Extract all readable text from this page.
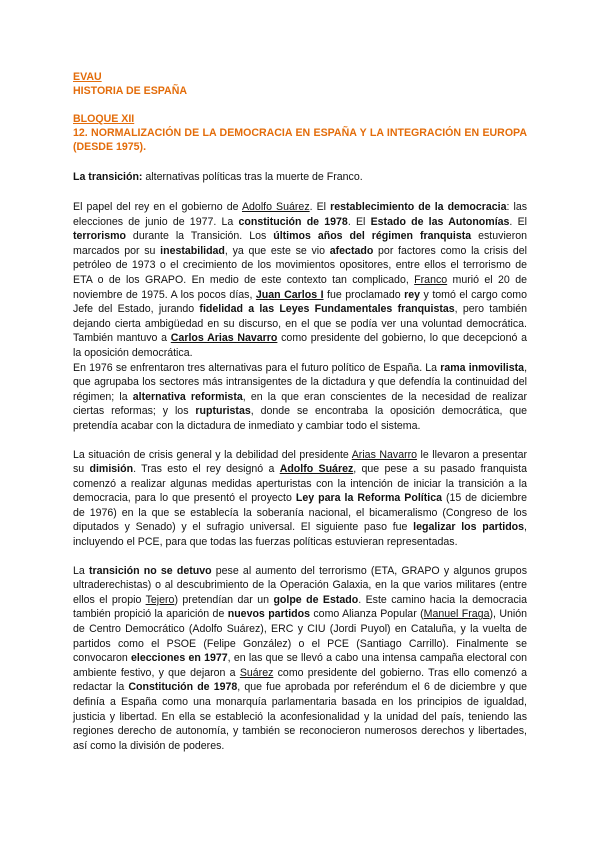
EVAU
HISTORIA DE ESPAÑA
BLOQUE XII
12. NORMALIZACIÓN DE LA DEMOCRACIA EN ESPAÑA Y LA INTEGRACIÓN EN EUROPA (DESDE 1975).
La transición: alternativas políticas tras la muerte de Franco.

El papel del rey en el gobierno de Adolfo Suárez. El restablecimiento de la democracia: las elecciones de junio de 1977. La constitución de 1978. El Estado de las Autonomías. El terrorismo durante la Transición. Los últimos años del régimen franquista estuvieron marcados por su inestabilidad, ya que este se vio afectado por factores como la crisis del petróleo de 1973 o el crecimiento de los movimientos opositores, entre ellos el terrorismo de ETA o de los GRAPO. En medio de este contexto tan complicado, Franco murió el 20 de noviembre de 1975. A los pocos días, Juan Carlos I fue proclamado rey y tomó el cargo como Jefe del Estado, jurando fidelidad a las Leyes Fundamentales franquistas, pero también dejando cierta ambigüedad en su discurso, en el que se podía ver una voluntad democrática. También mantuvo a Carlos Arias Navarro como presidente del gobierno, lo que decepcionó a la oposición democrática.

En 1976 se enfrentaron tres alternativas para el futuro político de España. La rama inmovilista, que agrupaba los sectores más intransigentes de la dictadura y que defendía la continuidad del régimen; la alternativa reformista, en la que eran conscientes de la necesidad de realizar ciertas reformas; y los rupturistas, donde se encontraba la oposición democrática, que pretendía acabar con la dictadura de inmediato y cambiar todo el sistema.

La situación de crisis general y la debilidad del presidente Arias Navarro le llevaron a presentar su dimisión. Tras esto el rey designó a Adolfo Suárez, que pese a su pasado franquista comenzó a realizar algunas medidas aperturistas con la intención de iniciar la transición a la democracia, para lo que presentó el proyecto Ley para la Reforma Política (15 de diciembre de 1976) en la que se establecía la soberanía nacional, el bicameralismo (Congreso de los diputados y Senado) y el sufragio universal. El siguiente paso fue legalizar los partidos, incluyendo el PCE, para que todas las fuerzas políticas estuvieran representadas.

La transición no se detuvo pese al aumento del terrorismo (ETA, GRAPO y algunos grupos ultraderechistas) o al descubrimiento de la Operación Galaxia, en la que varios militares (entre ellos el propio Tejero) pretendían dar un golpe de Estado. Este camino hacia la democracia también propició la aparición de nuevos partidos como Alianza Popular (Manuel Fraga), Unión de Centro Democrático (Adolfo Suárez), ERC y CIU (Jordi Puyol) en Cataluña, y la vuelta de partidos como el PSOE (Felipe González) o el PCE (Santiago Carrillo). Finalmente se convocaron elecciones en 1977, en las que se llevó a cabo una intensa campaña electoral con ambiente festivo, y que dejaron a Suárez como presidente del gobierno. Tras ello comenzó a redactar la Constitución de 1978, que fue aprobada por referéndum el 6 de diciembre y que definía a España como una monarquía parlamentaria basada en los principios de igualdad, justicia y libertad. En ella se estableció la aconfesionalidad y la unidad del país, teniendo las regiones derecho de autonomía, y también se reconocieron numerosos derechos y libertades, así como la división de poderes.
